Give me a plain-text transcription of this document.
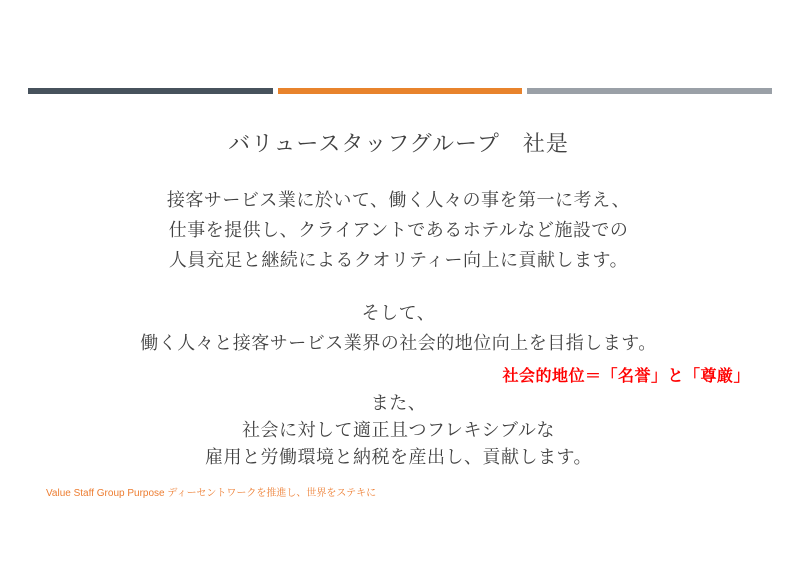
バリュースタッフグループ　社是
接客サービス業に於いて、働く人々の事を第一に考え、
仕事を提供し、クライアントであるホテルなど施設での
人員充足と継続によるクオリティー向上に貢献します。
そして、
働く人々と接客サービス業界の社会的地位向上を目指します。

社会的地位＝「名誉」と「尊厳」

また、
社会に対して適正且つフレキシブルな
雇用と労働環境と納税を産出し、貢献します。

Value Staff Group Purpose ディーセントワークを推進し、世界をステキに
